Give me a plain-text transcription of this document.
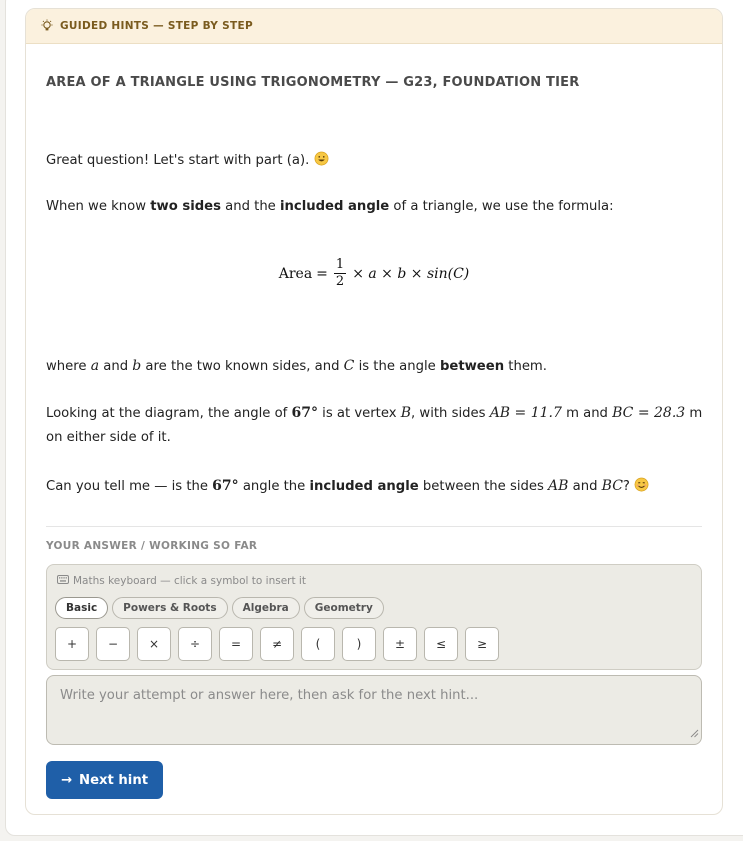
GUIDED HINTS — STEP BY STEP
AREA OF A TRIANGLE USING TRIGONOMETRY — G23, FOUNDATION TIER
Great question! Let's start with part (a).
When we know two sides and the included angle of a triangle, we use the formula:
Area = $\frac{1}{2} \times a \times b \times \sin(C)$
where a and b are the two known sides, and C is the angle between them.
Looking at the diagram, the angle of 67° is at vertex B, with sides AB = 11.7 m and BC = 28.3 m
on either side of it.
Can you tell me — is the 67° angle the included angle between the sides AB and BC?
YOUR ANSWER / WORKING SO FAR
Maths keyboard — click a symbol to insert it
Basic	Powers & Roots	Algebra	Geometry
+	−	×	÷	=	≠	(	)	±	≤	≥
Write your attempt or answer here, then ask for the next hint...
→ Next hint
